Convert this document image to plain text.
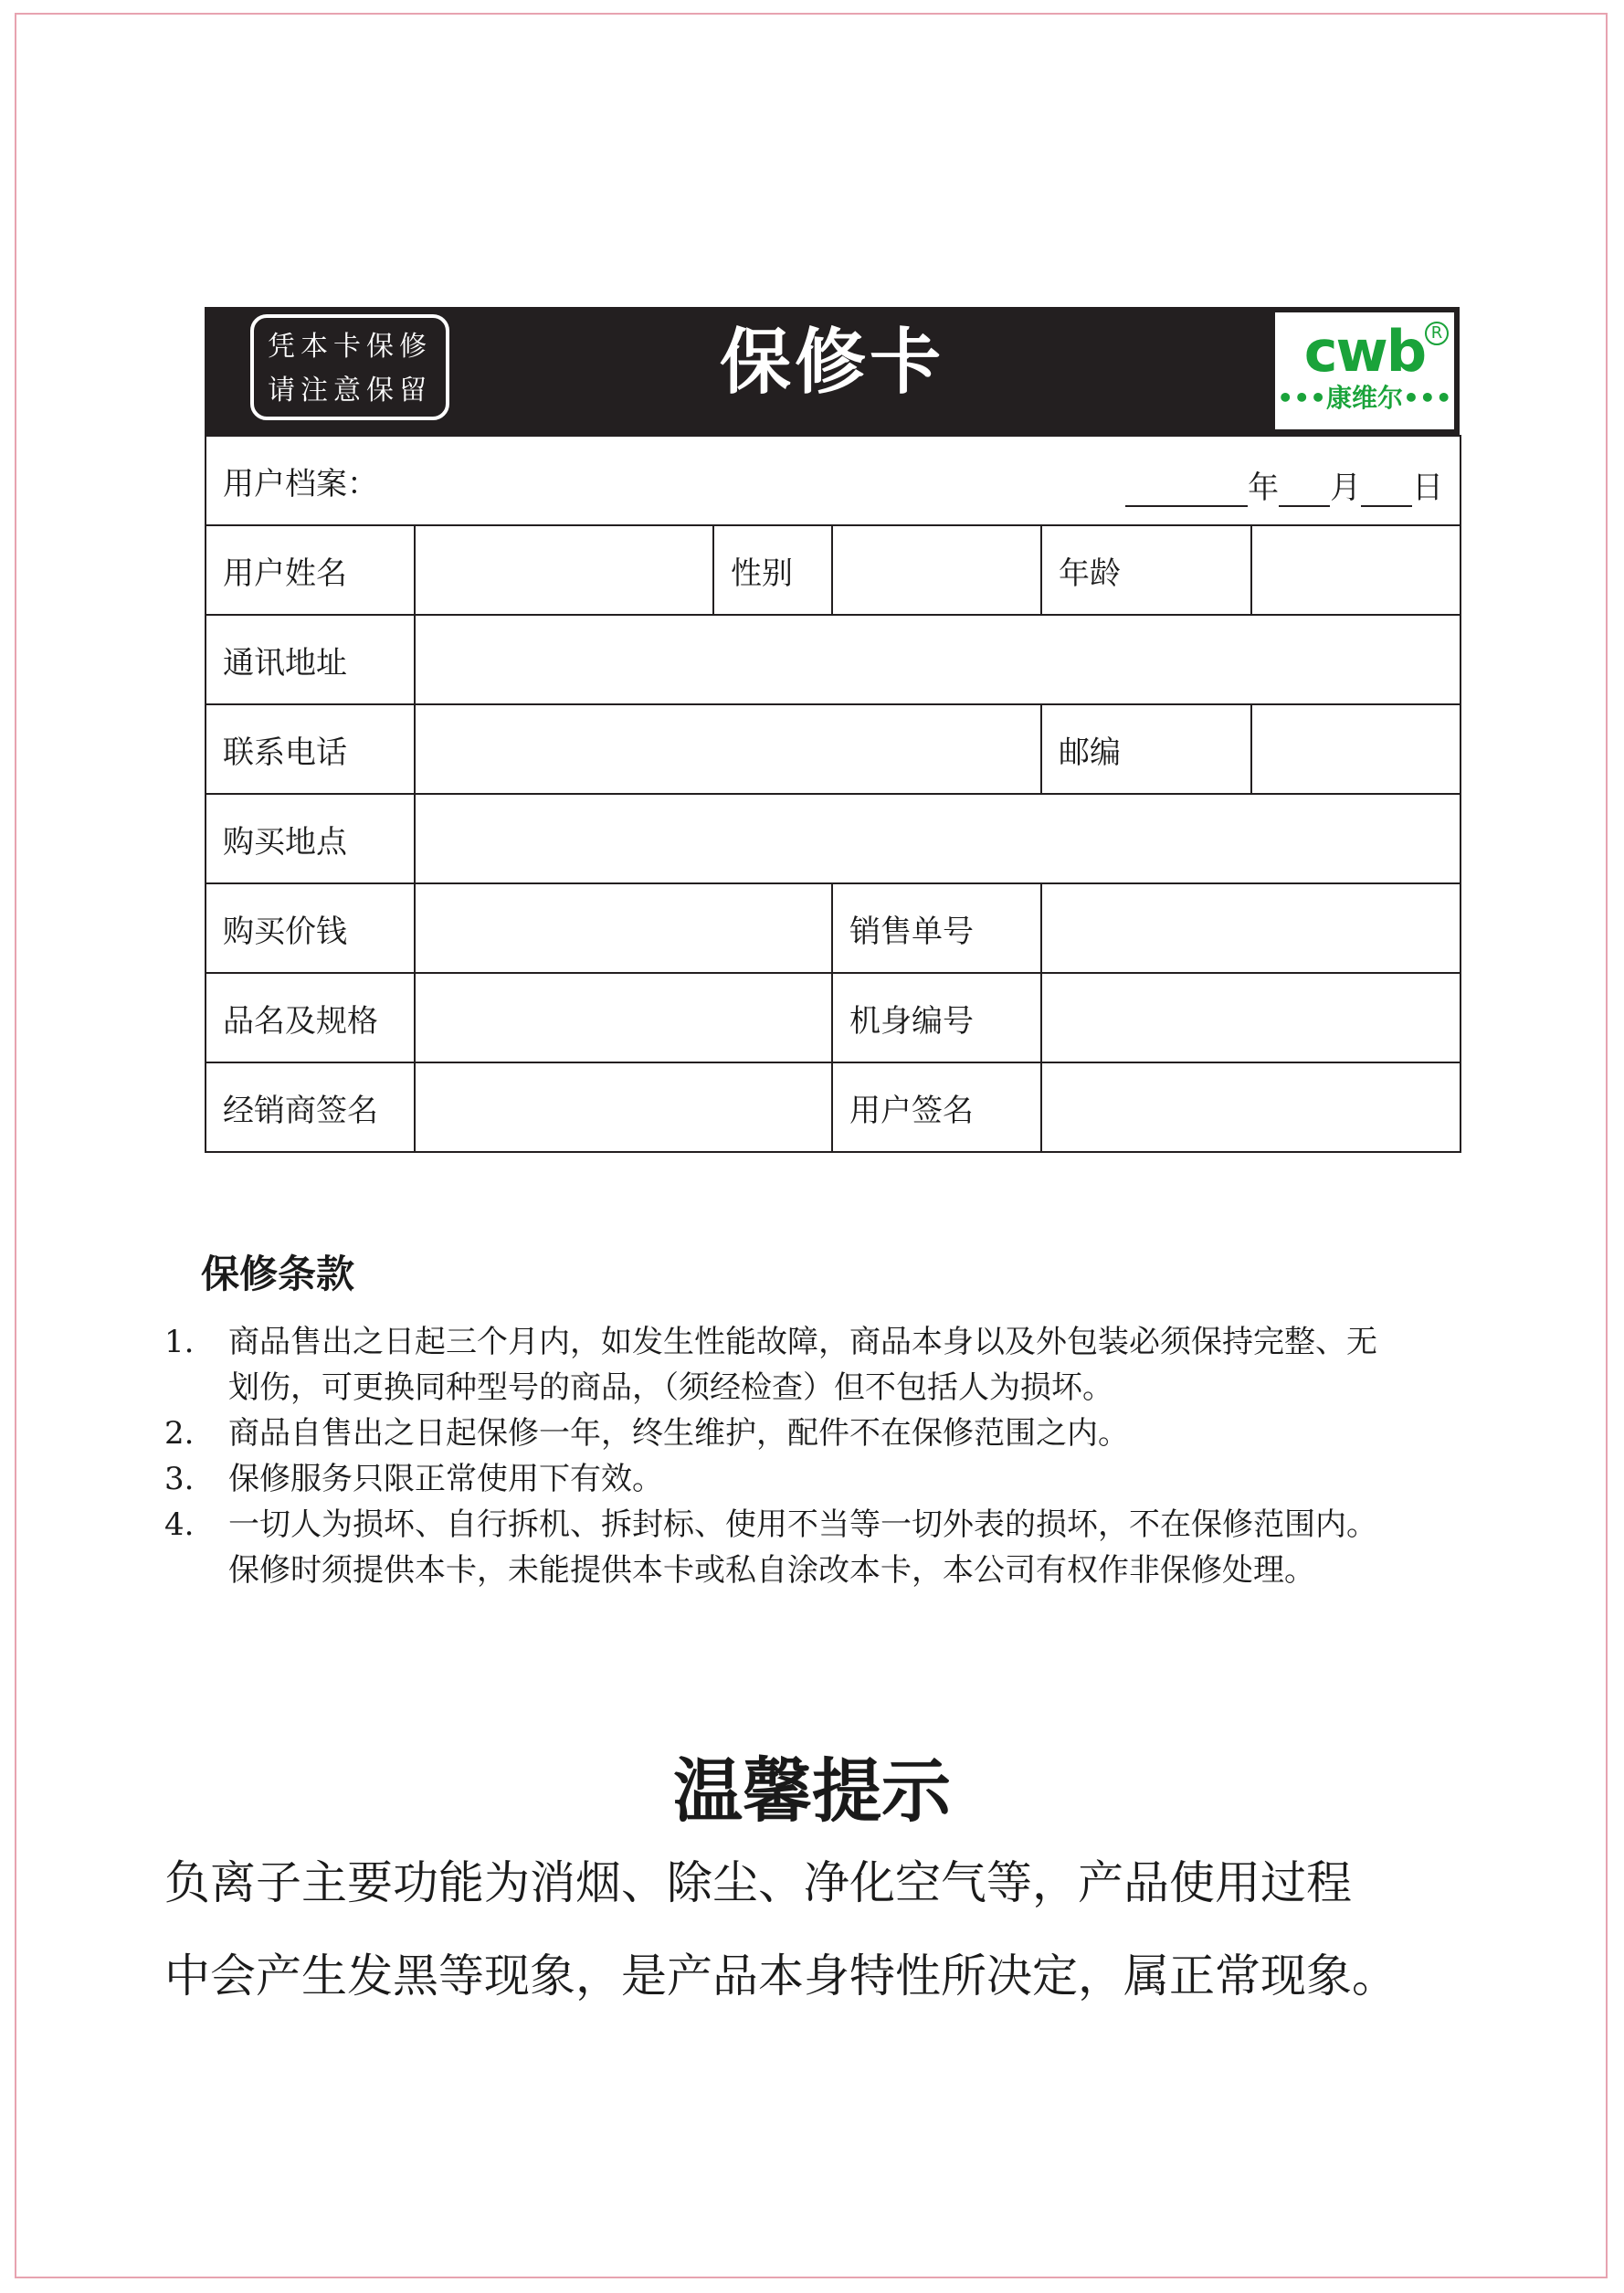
凭本卡保修
请注意保留	保修卡	cwb R
•••康维尔•••
用户档案： 年 月 日					

用户姓名		性别		年龄	
通讯地址					
联系电话				邮编	
购买地点					
购买价钱			销售单号		
品名及规格			机身编号		
经销商签名			用户签名		
保修条款
1.	商品售出之日起三个月内，如发生性能故障，商品本身以及外包装必须保持完整、无划伤，可更换同种型号的商品，（须经检查）但不包括人为损坏。
2.	商品自售出之日起保修一年，终生维护，配件不在保修范围之内。
3.	保修服务只限正常使用下有效。
4.	一切人为损坏、自行拆机、拆封标、使用不当等一切外表的损坏，不在保修范围内。保修时须提供本卡，未能提供本卡或私自涂改本卡，本公司有权作非保修处理。
温馨提示
负离子主要功能为消烟、除尘、净化空气等，产品使用过程
中会产生发黑等现象，是产品本身特性所决定，属正常现象。
